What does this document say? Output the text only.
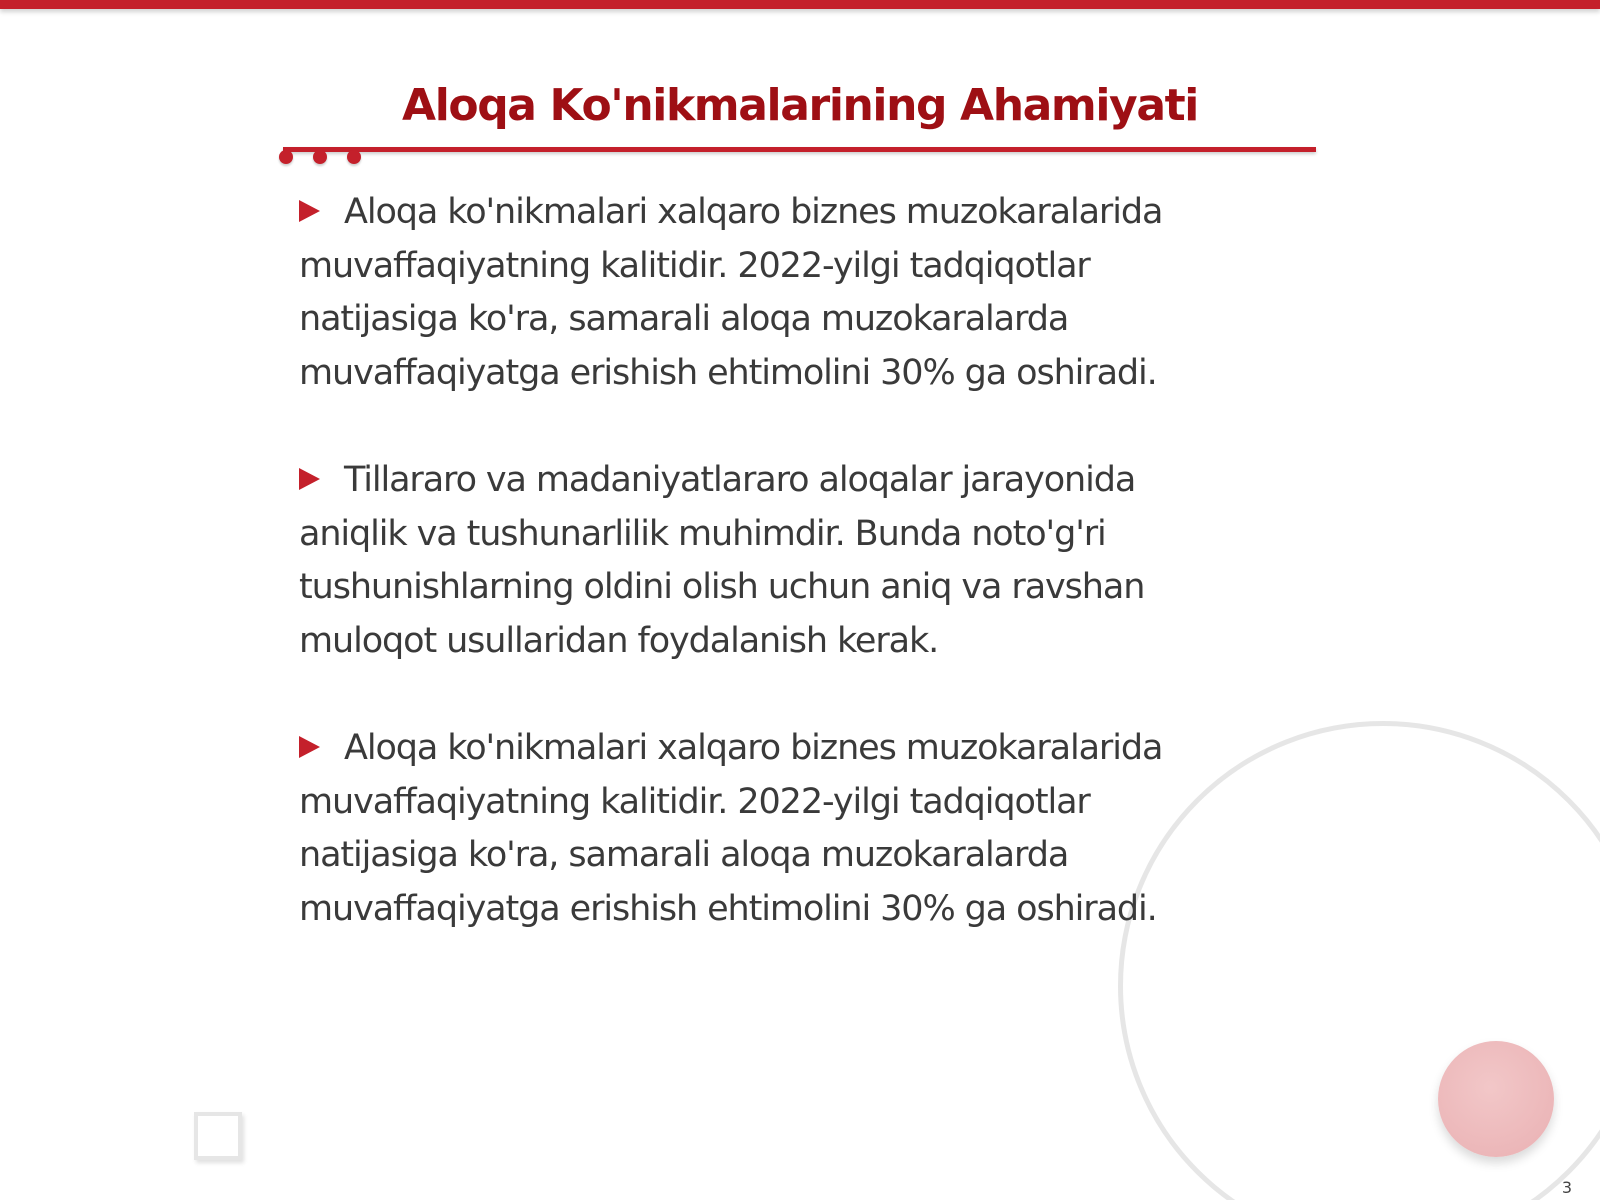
Aloqa Ko'nikmalarining Ahamiyati
Aloqa ko'nikmalari xalqaro biznes muzokaralarida
muvaffaqiyatning kalitidir. 2022-yilgi tadqiqotlar
natijasiga ko'ra, samarali aloqa muzokaralarda
muvaffaqiyatga erishish ehtimolini 30% ga oshiradi.
Tillararo va madaniyatlararo aloqalar jarayonida
aniqlik va tushunarlilik muhimdir. Bunda noto'g'ri
tushunishlarning oldini olish uchun aniq va ravshan
muloqot usullaridan foydalanish kerak.
Aloqa ko'nikmalari xalqaro biznes muzokaralarida
muvaffaqiyatning kalitidir. 2022-yilgi tadqiqotlar
natijasiga ko'ra, samarali aloqa muzokaralarda
muvaffaqiyatga erishish ehtimolini 30% ga oshiradi.
3
